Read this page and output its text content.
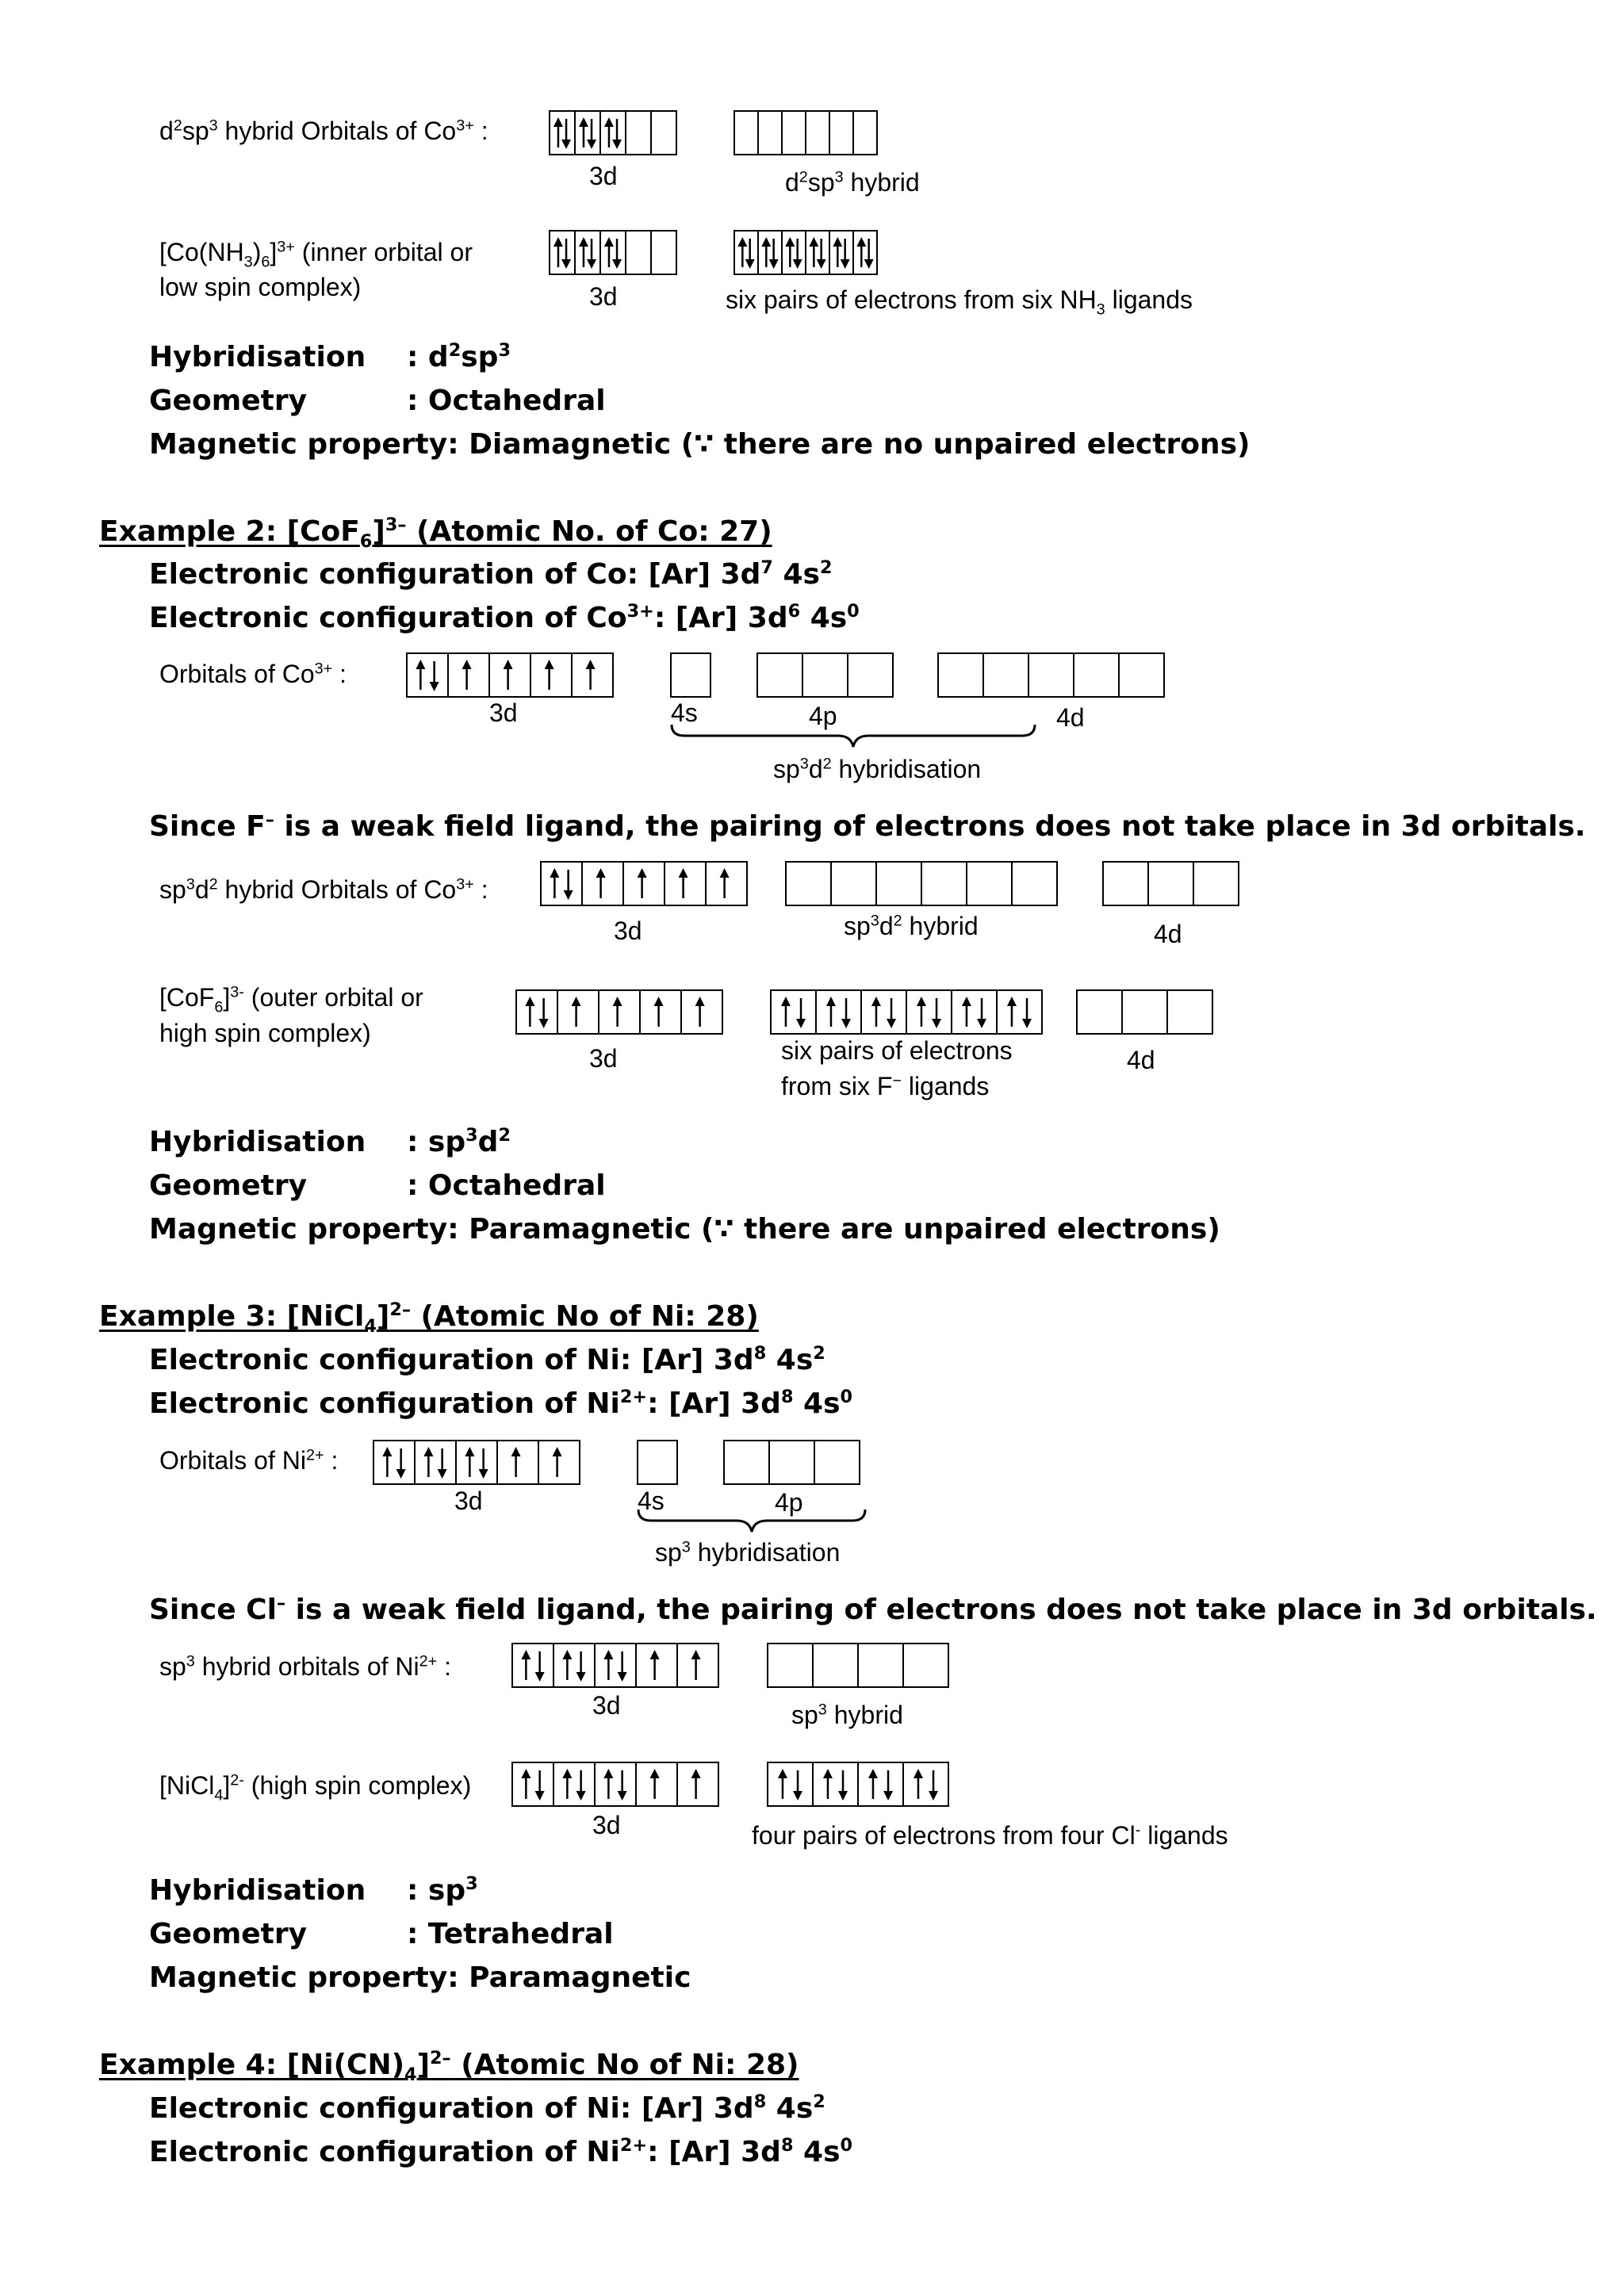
$d^2sp^3$ hybrid Orbitals of $Co^{3+}$ :
3d	$d^2sp^3$ hybrid
$[Co(NH_3)_6]^{3+}$ (inner orbital or
low spin complex)	3d	six pairs of electrons from six $NH_3$ ligands
Hybridisation : $d^2sp^3$
Geometry	: Octahedral
Magnetic property: Diamagnetic (∵ there are no unpaired electrons)
Example 2: $[CoF_6]^{3-}$ (Atomic No. of Co: 27)
Electronic configuration of Co: [Ar] $3d^7$ $4s^2$
Electronic configuration of $Co^{3+}$: [Ar] $3d^6$ $4s^0$
Orbitals of $Co^{3+}$ :
3d	4s	4p	4d
$sp^3d^2$ hybridisation
Since F– is a weak field ligand, the pairing of electrons does not take place in 3d orbitals.
$sp^3d^2$ hybrid Orbitals of $Co^{3+}$ :
3d	$sp^3d^2$ hybrid	4d
$[CoF_6]^{3-}$ (outer orbital or
high spin complex)
3d	six pairs of electrons
from six F− ligands
4d
Hybridisation : $sp^3d^2$
Geometry	: Octahedral
Magnetic property: Paramagnetic (∵ there are unpaired electrons)
Example 3: [NiCl$_4$]$^{2-}$ (Atomic No of Ni: 28)
Electronic configuration of Ni: [Ar] $3d^8$ $4s^2$
Electronic configuration of $Ni^{2+}$: [Ar] $3d^8$ $4s^0$
Orbitals of $Ni^{2+}$ :
3d	4s	4p
$sp^3$ hybridisation
Since Cl– is a weak field ligand, the pairing of electrons does not take place in 3d orbitals.
$sp^3$ hybrid orbitals of $Ni^{2+}$ :
3d	$sp^3$ hybrid
[NiCl$_4$]$^{2-}$ (high spin complex)
3d	four pairs of electrons from four Cl- ligands
Hybridisation : $sp^3$
Geometry	: Tetrahedral
Magnetic property: Paramagnetic
Example 4: $[Ni(CN)_4]^{2-}$ (Atomic No of Ni: 28)
Electronic configuration of Ni: [Ar] $3d^8$ $4s^2$
Electronic configuration of $Ni^{2+}$: [Ar] $3d^8$ $4s^0$
